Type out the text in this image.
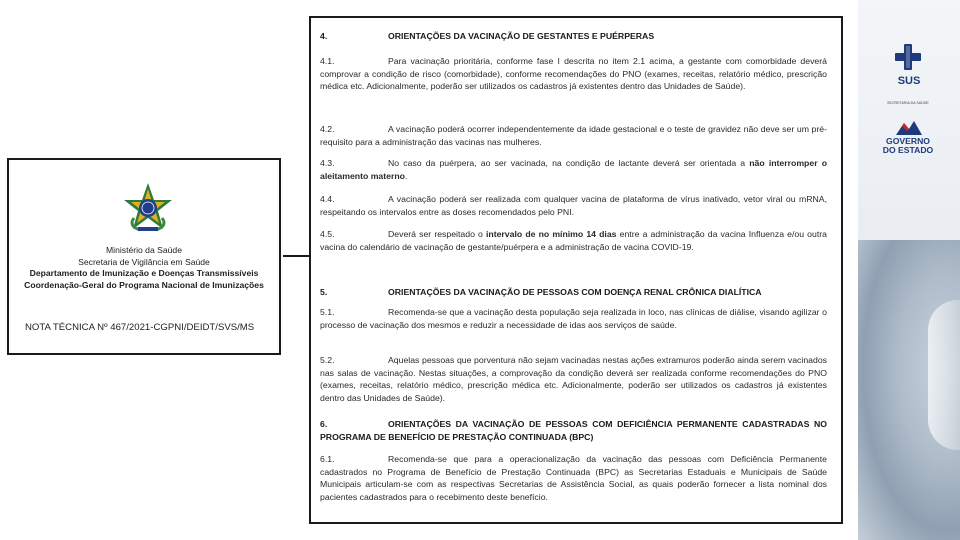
Ministério da Saúde
Secretaria de Vigilância em Saúde
Departamento de Imunização e Doenças Transmissíveis
Coordenação-Geral do Programa Nacional de Imunizações
NOTA TÉCNICA Nº 467/2021-CGPNI/DEIDT/SVS/MS
4.	ORIENTAÇÕES DA VACINAÇÃO DE GESTANTES E PUÉRPERAS
4.1.	Para vacinação prioritária, conforme fase I descrita no item 2.1 acima, a gestante com comorbidade deverá comprovar a condição de risco (comorbidade), conforme recomendações do PNO (exames, receitas, relatório médico, prescrição médica etc. Adicionalmente, poderão ser utilizados os cadastros já existentes dentro das Unidades de Saúde).
4.2.	A vacinação poderá ocorrer independentemente da idade gestacional e o teste de gravidez não deve ser um pré-requisito para a administração das vacinas nas mulheres.
4.3.	No caso da puérpera, ao ser vacinada, na condição de lactante deverá ser orientada a não interromper o aleitamento materno.
4.4.	A vacinação poderá ser realizada com qualquer vacina de plataforma de vírus inativado, vetor viral ou mRNA, respeitando os intervalos entre as doses recomendados pelo PNI.
4.5.	Deverá ser respeitado o intervalo de no mínimo 14 dias entre a administração da vacina Influenza e/ou outra vacina do calendário de vacinação de gestante/puérpera e a administração de vacina COVID-19.
5.	ORIENTAÇÕES DA VACINAÇÃO DE PESSOAS COM DOENÇA RENAL CRÔNICA DIALÍTICA
5.1.	Recomenda-se que a vacinação desta população seja realizada in loco, nas clínicas de diálise, visando agilizar o processo de vacinação dos mesmos e reduzir a necessidade de idas aos serviços de saúde.
5.2.	Aquelas pessoas que porventura não sejam vacinadas nestas ações extramuros poderão ainda serem vacinados nas salas de vacinação. Nestas situações, a comprovação da condição deverá ser realizada conforme recomendações do PNO (exames, receitas, relatório médico, prescrição médica etc. Adicionalmente, poderão ser utilizados os cadastros já existentes dentro das Unidades de Saúde).
6.	ORIENTAÇÕES DA VACINAÇÃO DE PESSOAS COM DEFICIÊNCIA PERMANENTE CADASTRADAS NO PROGRAMA DE BENEFÍCIO DE PRESTAÇÃO CONTINUADA (BPC)
6.1.	Recomenda-se que para a operacionalização da vacinação das pessoas com Deficiência Permanente cadastrados no Programa de Benefício de Prestação Continuada (BPC) as Secretarias Estaduais e Municipais de Saúde Municipais articulam-se com as respectivas Secretarias de Assistência Social, as quais poderão fornecer a lista nominal dos pacientes cadastrados para o recebimento deste benefício.
SUS
SECRETARIA DA SAÚDE
GOVERNO
DO ESTADO
